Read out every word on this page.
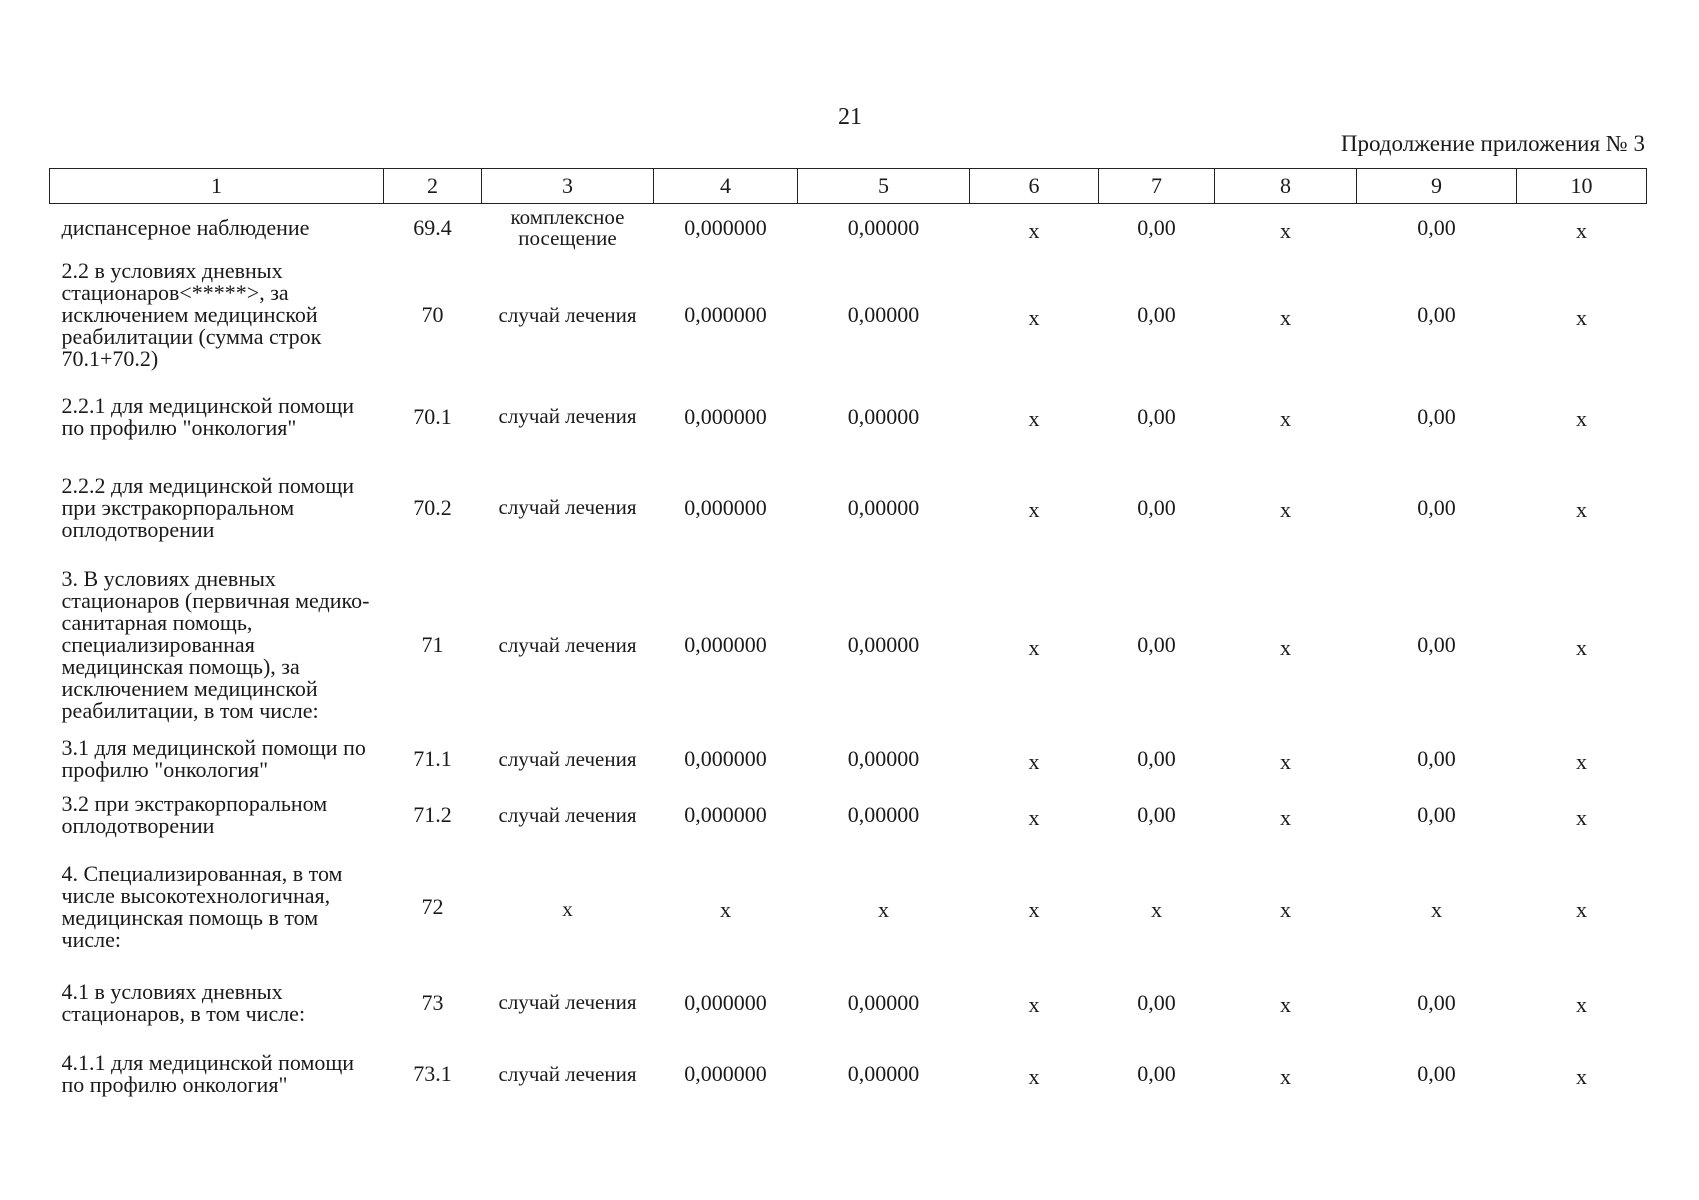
21
Продолжение приложения № 3
1	2	3	4	5	6	7	8	9	10
диспансерное наблюдение	69.4	комплексное посещение	0,000000	0,00000	х	0,00	х	0,00	х
2.2 в условиях дневных стационаров<*****>, за исключением медицинской реабилитации (сумма строк 70.1+70.2)	70	случай лечения	0,000000	0,00000	х	0,00	х	0,00	х
2.2.1 для медицинской помощи по профилю "онкология"	70.1	случай лечения	0,000000	0,00000	х	0,00	х	0,00	х
2.2.2 для медицинской помощи при экстракорпоральном оплодотворении	70.2	случай лечения	0,000000	0,00000	х	0,00	х	0,00	х
3. В условиях дневных стационаров (первичная медико-санитарная помощь, специализированная медицинская помощь), за исключением медицинской реабилитации, в том числе:	71	случай лечения	0,000000	0,00000	х	0,00	х	0,00	х
3.1 для медицинской помощи по профилю "онкология"	71.1	случай лечения	0,000000	0,00000	х	0,00	х	0,00	х
3.2 при экстракорпоральном оплодотворении	71.2	случай лечения	0,000000	0,00000	х	0,00	х	0,00	х
4. Специализированная, в том числе высокотехнологичная, медицинская помощь в том числе:	72	х	х	х	х	х	х	х	х
4.1 в условиях дневных стационаров, в том числе:	73	случай лечения	0,000000	0,00000	х	0,00	х	0,00	х
4.1.1 для медицинской помощи по профилю онкология"	73.1	случай лечения	0,000000	0,00000	х	0,00	х	0,00	х
